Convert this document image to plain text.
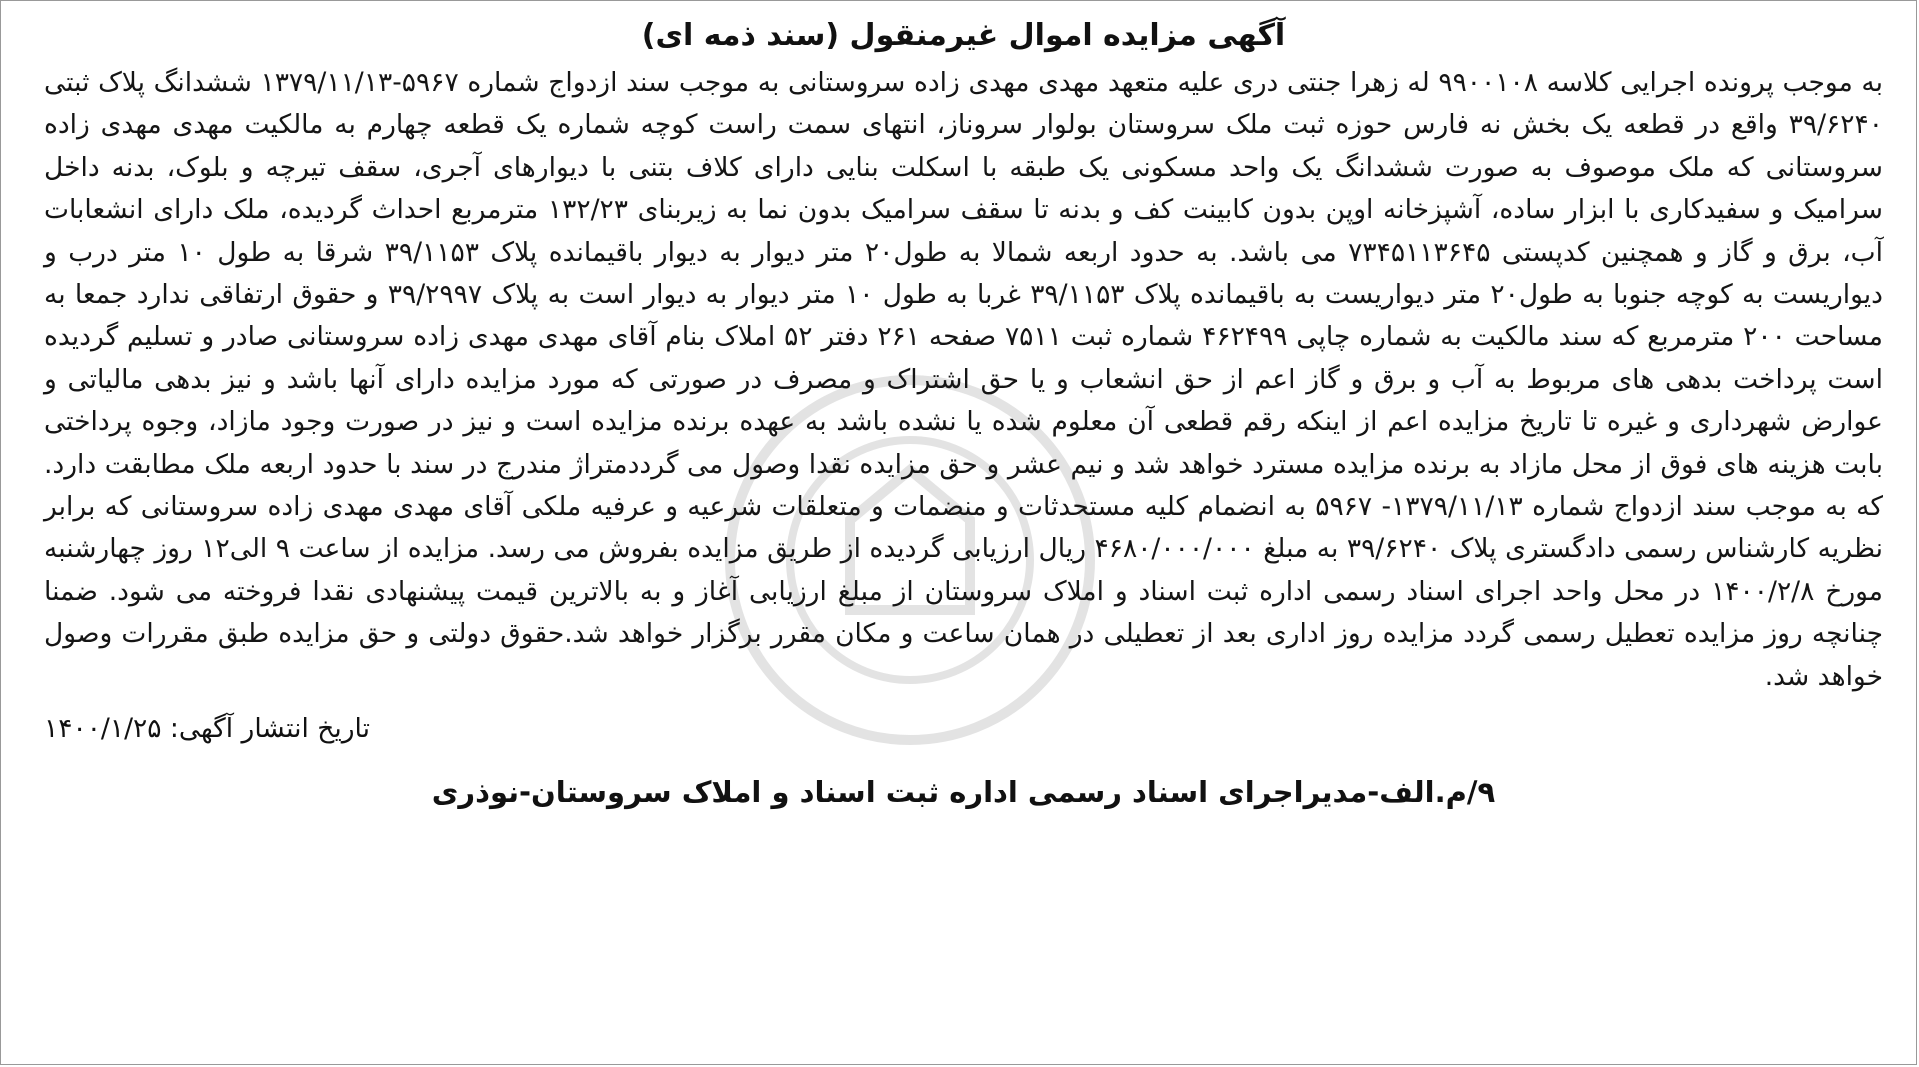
آگهی مزایده اموال غیرمنقول (سند ذمه ای)

به موجب پرونده اجرایی کلاسه ۹۹۰۰۱۰۸ له زهرا جنتی دری علیه متعهد مهدی مهدی زاده سروستانی به موجب سند ازدواج شماره ۵۹۶۷-۱۳۷۹/۱۱/۱۳ ششدانگ پلاک ثبتی ۳۹/۶۲۴۰ واقع در قطعه یک بخش نه فارس حوزه ثبت ملک سروستان بولوار سروناز، انتهای سمت راست کوچه شماره یک قطعه چهارم به مالکیت مهدی مهدی زاده سروستانی که ملک موصوف به صورت ششدانگ یک واحد مسکونی یک طبقه با اسکلت بنایی دارای کلاف بتنی با دیوارهای آجری، سقف تیرچه و بلوک، بدنه داخل سرامیک و سفیدکاری با ابزار ساده، آشپزخانه اوپن بدون کابینت کف و بدنه تا سقف سرامیک بدون نما به زیربنای ۱۳۲/۲۳ مترمربع احداث گردیده، ملک دارای انشعابات آب، برق و گاز و همچنین کدپستی ۷۳۴۵۱۱۳۶۴۵ می باشد. به حدود اربعه شمالا به طول۲۰ متر دیوار به دیوار باقیمانده پلاک ۳۹/۱۱۵۳ شرقا به طول ۱۰ متر درب و دیواریست به کوچه جنوبا به طول۲۰ متر دیواریست به باقیمانده پلاک ۳۹/۱۱۵۳ غربا به طول ۱۰ متر دیوار به دیوار است به پلاک ۳۹/۲۹۹۷ و حقوق ارتفاقی ندارد جمعا به مساحت ۲۰۰ مترمربع که سند مالکیت به شماره چاپی ۴۶۲۴۹۹ شماره ثبت ۷۵۱۱ صفحه ۲۶۱ دفتر ۵۲ املاک بنام آقای مهدی مهدی زاده سروستانی صادر و تسلیم گردیده است پرداخت بدهی های مربوط به آب و برق و گاز اعم از حق انشعاب و یا حق اشتراک و مصرف در صورتی که مورد مزایده دارای آنها باشد و نیز بدهی مالیاتی و عوارض شهرداری و غیره تا تاریخ مزایده اعم از اینکه رقم قطعی آن معلوم شده یا نشده باشد به عهده برنده مزایده است و نیز در صورت وجود مازاد، وجوه پرداختی بابت هزینه های فوق از محل مازاد به برنده مزایده مسترد خواهد شد و نیم عشر و حق مزایده نقدا وصول می گرددمتراژ مندرج در سند با حدود اربعه ملک مطابقت دارد. که به موجب سند ازدواج شماره ۱۳۷۹/۱۱/۱۳- ۵۹۶۷ به انضمام کلیه مستحدثات و منضمات و متعلقات شرعیه و عرفیه ملکی آقای مهدی مهدی زاده سروستانی که برابر نظریه کارشناس رسمی دادگستری پلاک ۳۹/۶۲۴۰ به مبلغ ۴۶۸۰/۰۰۰/۰۰۰ ریال ارزیابی گردیده از طریق مزایده بفروش می رسد. مزایده از ساعت ۹ الی۱۲ روز چهارشنبه مورخ ۱۴۰۰/۲/۸ در محل واحد اجرای اسناد رسمی اداره ثبت اسناد و املاک سروستان از مبلغ ارزیابی آغاز و به بالاترین قیمت پیشنهادی نقدا فروخته می شود. ضمنا چنانچه روز مزایده تعطیل رسمی گردد مزایده روز اداری بعد از تعطیلی در همان ساعت و مکان مقرر برگزار خواهد شد.حقوق دولتی و حق مزایده طبق مقررات وصول خواهد شد.

تاریخ انتشار آگهی: ۱۴۰۰/۱/۲۵
۹/م.الف-مدیراجرای اسناد رسمی اداره ثبت اسناد و املاک سروستان-نوذری
